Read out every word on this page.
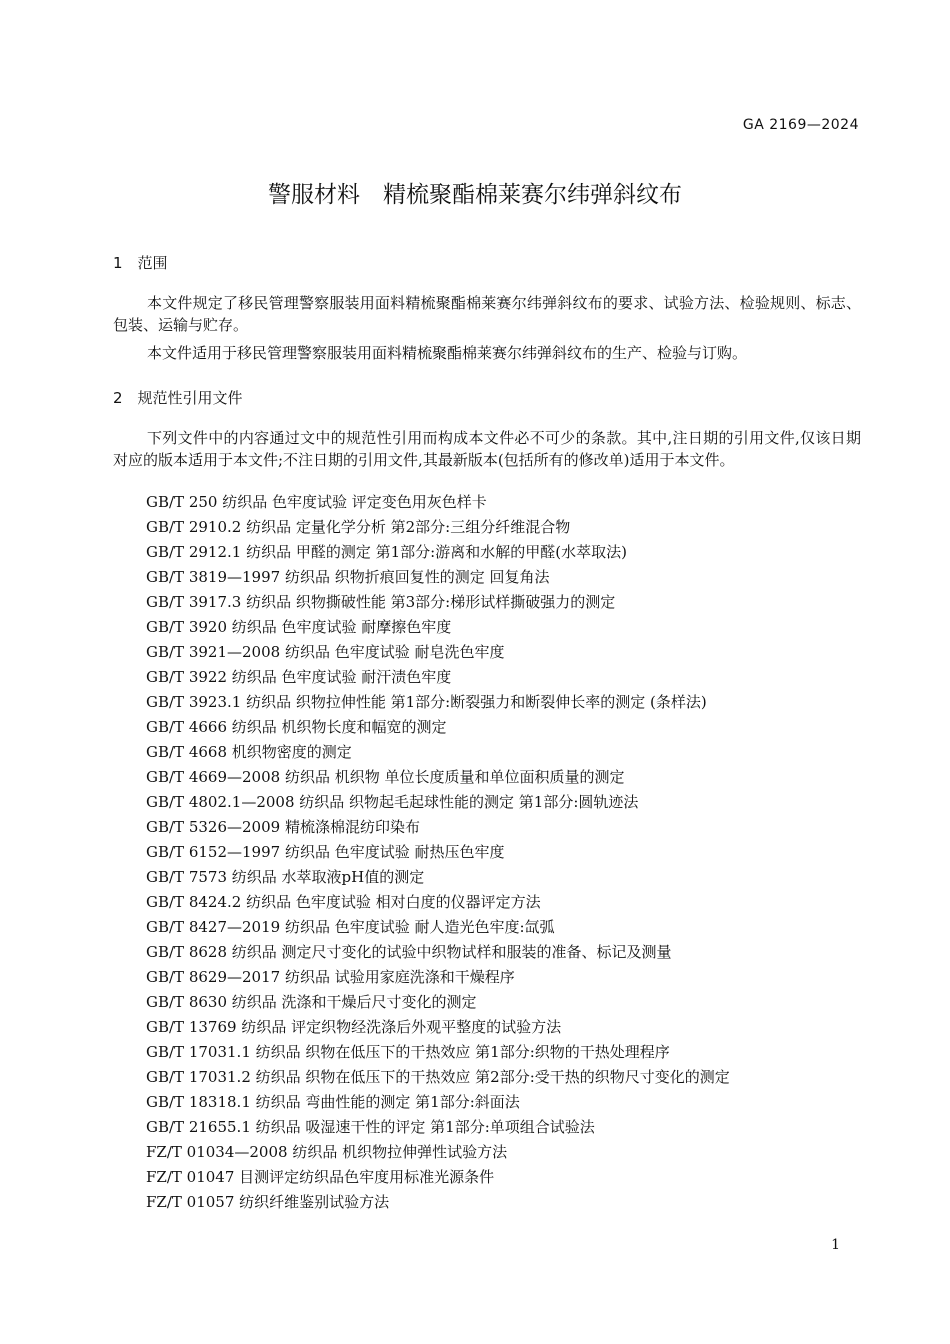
GA 2169—2024
警服材料　精梳聚酯棉莱赛尔纬弹斜纹布
1　范围
本文件规定了移民管理警察服装用面料精梳聚酯棉莱赛尔纬弹斜纹布的要求、试验方法、检验规则、标志、包装、运输与贮存。
本文件适用于移民管理警察服装用面料精梳聚酯棉莱赛尔纬弹斜纹布的生产、检验与订购。
2　规范性引用文件
下列文件中的内容通过文中的规范性引用而构成本文件必不可少的条款。其中,注日期的引用文件,仅该日期对应的版本适用于本文件;不注日期的引用文件,其最新版本(包括所有的修改单)适用于本文件。
GB/T 250 纺织品 色牢度试验 评定变色用灰色样卡
GB/T 2910.2 纺织品 定量化学分析 第2部分:三组分纤维混合物
GB/T 2912.1 纺织品 甲醛的测定 第1部分:游离和水解的甲醛(水萃取法)
GB/T 3819—1997 纺织品 织物折痕回复性的测定 回复角法
GB/T 3917.3 纺织品 织物撕破性能 第3部分:梯形试样撕破强力的测定
GB/T 3920 纺织品 色牢度试验 耐摩擦色牢度
GB/T 3921—2008 纺织品 色牢度试验 耐皂洗色牢度
GB/T 3922 纺织品 色牢度试验 耐汗渍色牢度
GB/T 3923.1 纺织品 织物拉伸性能 第1部分:断裂强力和断裂伸长率的测定 (条样法)
GB/T 4666 纺织品 机织物长度和幅宽的测定
GB/T 4668 机织物密度的测定
GB/T 4669—2008 纺织品 机织物 单位长度质量和单位面积质量的测定
GB/T 4802.1—2008 纺织品 织物起毛起球性能的测定 第1部分:圆轨迹法
GB/T 5326—2009 精梳涤棉混纺印染布
GB/T 6152—1997 纺织品 色牢度试验 耐热压色牢度
GB/T 7573 纺织品 水萃取液pH值的测定
GB/T 8424.2 纺织品 色牢度试验 相对白度的仪器评定方法
GB/T 8427—2019 纺织品 色牢度试验 耐人造光色牢度:氙弧
GB/T 8628 纺织品 测定尺寸变化的试验中织物试样和服装的准备、标记及测量
GB/T 8629—2017 纺织品 试验用家庭洗涤和干燥程序
GB/T 8630 纺织品 洗涤和干燥后尺寸变化的测定
GB/T 13769 纺织品 评定织物经洗涤后外观平整度的试验方法
GB/T 17031.1 纺织品 织物在低压下的干热效应 第1部分:织物的干热处理程序
GB/T 17031.2 纺织品 织物在低压下的干热效应 第2部分:受干热的织物尺寸变化的测定
GB/T 18318.1 纺织品 弯曲性能的测定 第1部分:斜面法
GB/T 21655.1 纺织品 吸湿速干性的评定 第1部分:单项组合试验法
FZ/T 01034—2008 纺织品 机织物拉伸弹性试验方法
FZ/T 01047 目测评定纺织品色牢度用标准光源条件
FZ/T 01057 纺织纤维鉴别试验方法
1
